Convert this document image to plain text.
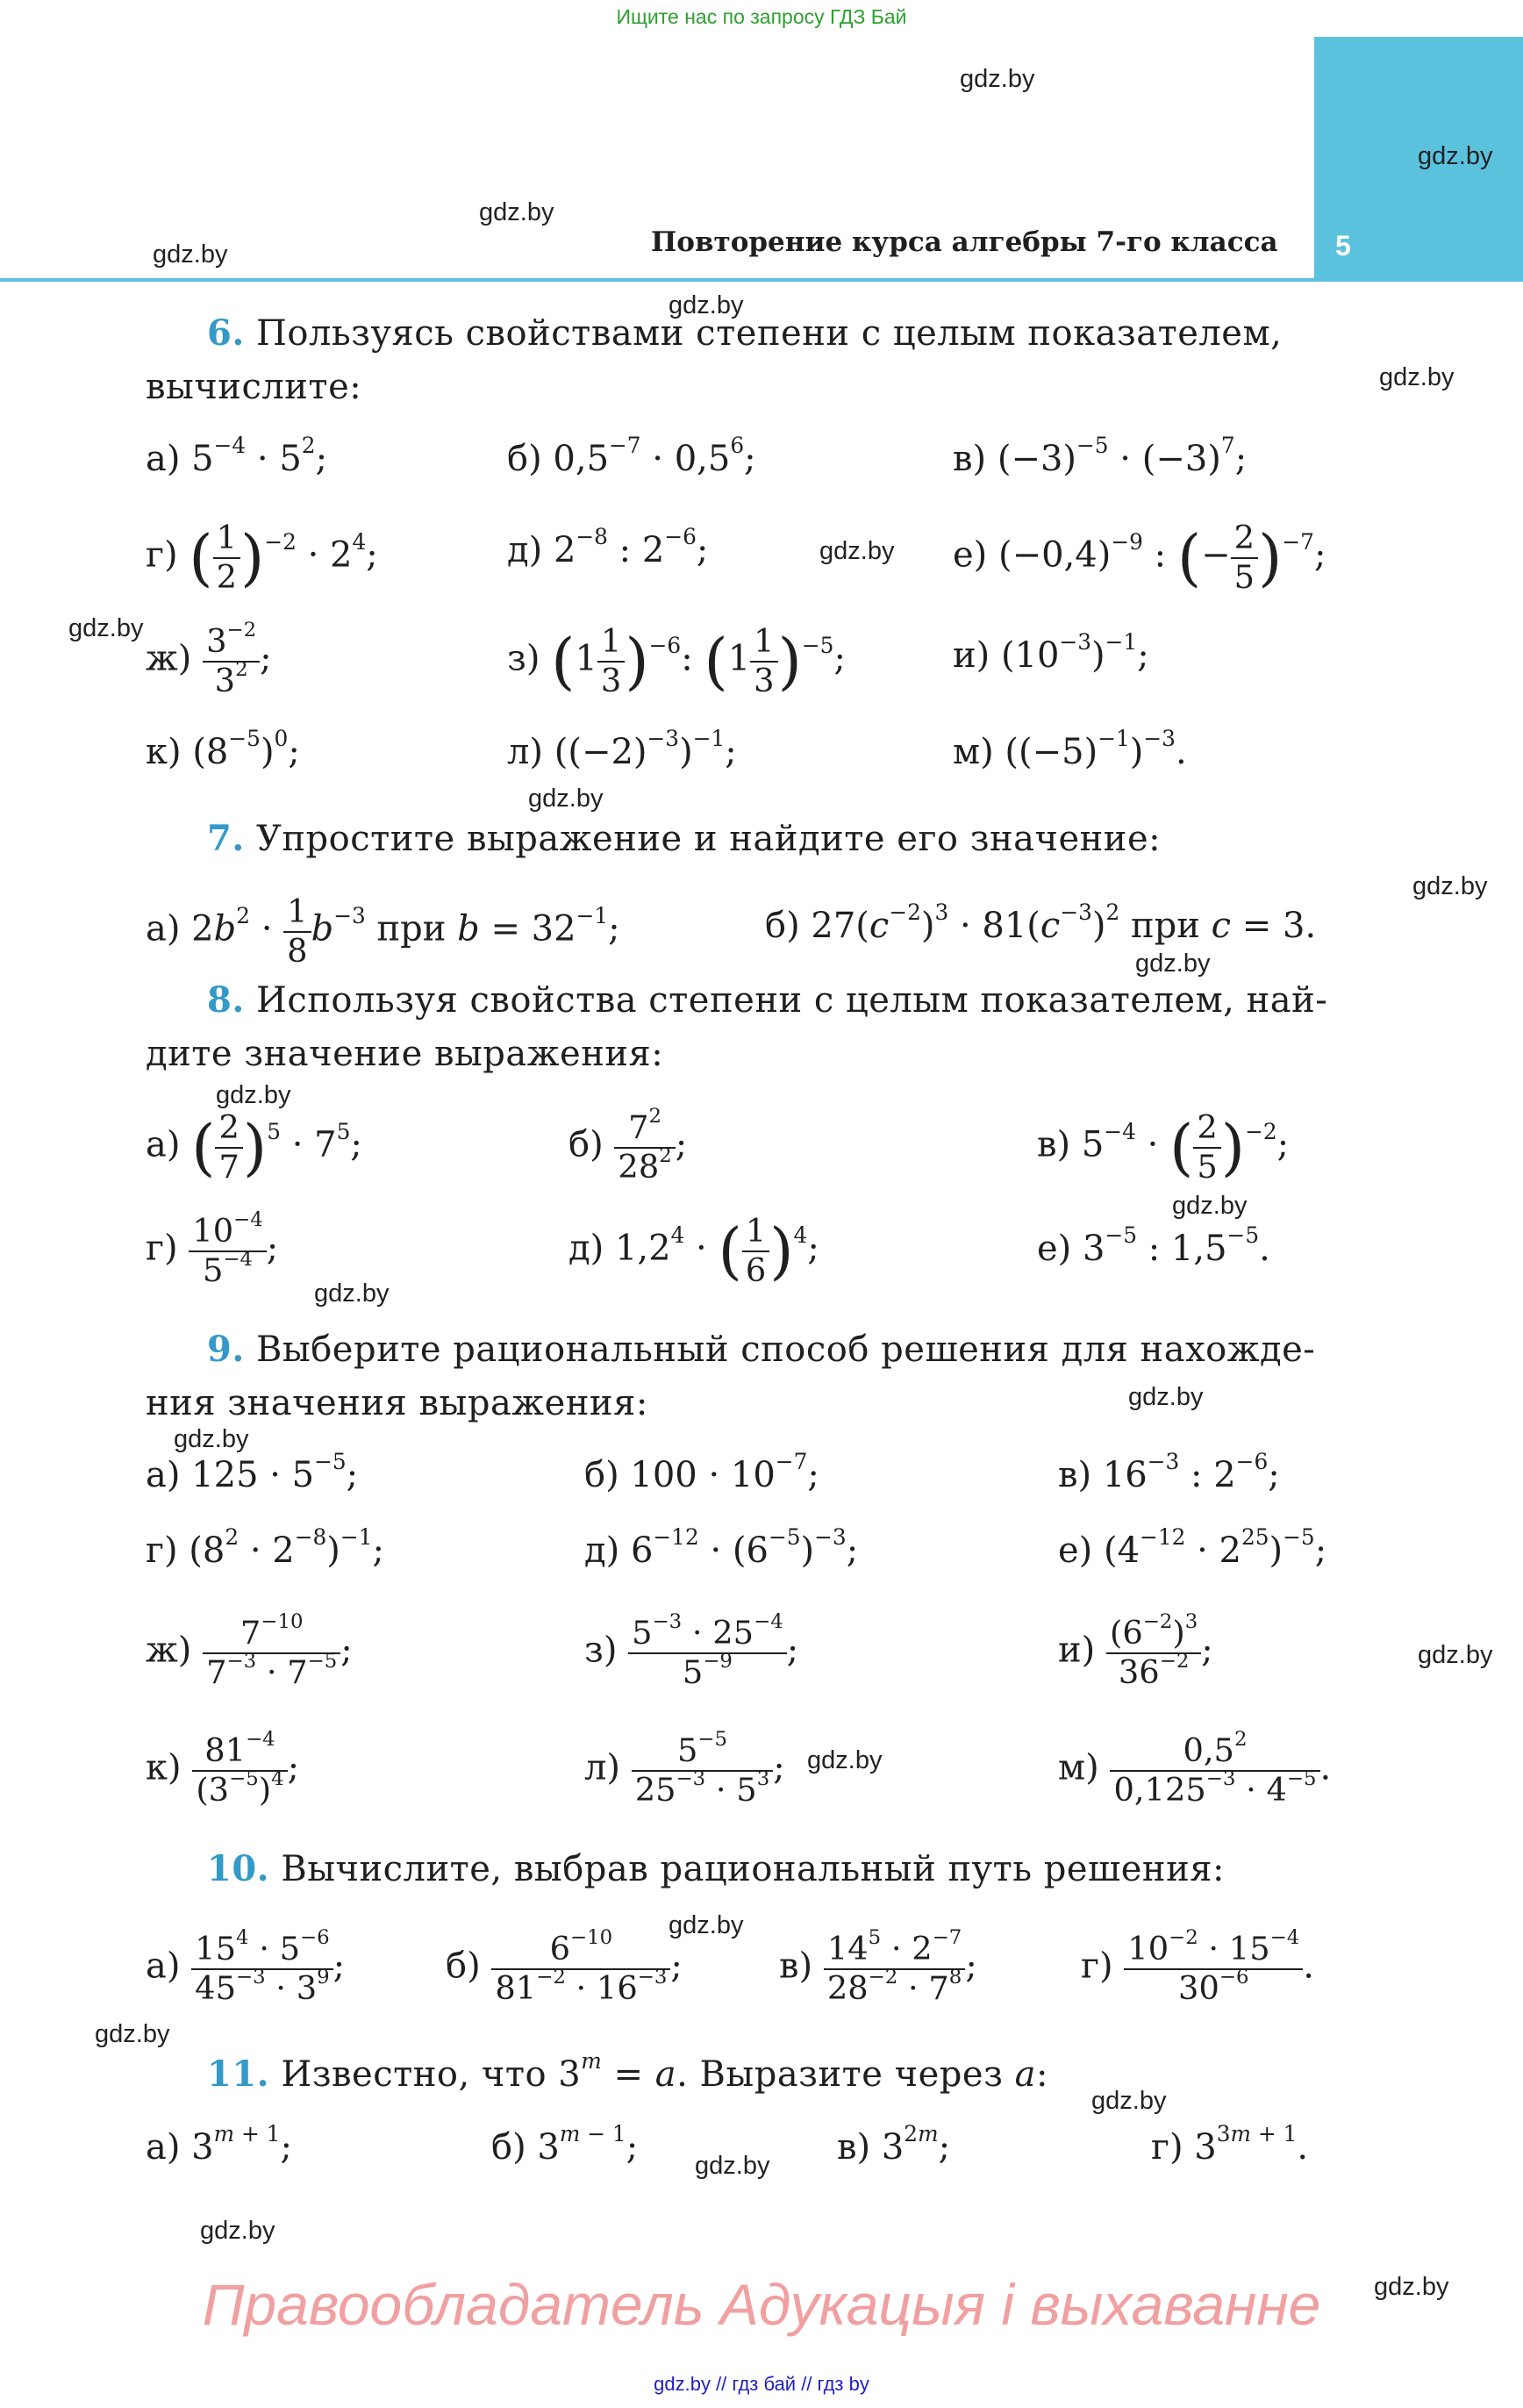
Ищите нас по запросу ГДЗ Бай
5
Повторение курса алгебры 7-го класса
gdz.by
gdz.by
gdz.by
gdz.by
gdz.by
gdz.by
gdz.by
gdz.by
gdz.by
gdz.by
gdz.by
gdz.by
gdz.by
gdz.by
gdz.by
gdz.by
gdz.by
gdz.by
gdz.by
gdz.by
gdz.by
gdz.by
gdz.by
gdz.by
6. Пользуясь свойствами степени с целым показателем,
вычислите:
а) $5^{-4} \cdot 5^2$;	б) $0,5^{-7} \cdot 0,5^6$;	в) $(-3)^{-5} \cdot (-3)^7$;
г) ( $\frac{1}{2} )^{-2} \cdot 2^4$;	д) $2^{-8}$ : $2^{-6}$;	е) $(-0,4)^{-9}$ : (− $\frac{2}{5} )^{-7}$;
$ж) \frac{3^{-2}}{3^2}$ ;	з) $(1 \frac{1}{3} )^{-6}$: $(1 \frac{1}{3} )^{-5}$;	и) $(10^{-3})^{-1}$;
к) $(8^{-5})^0$;	л) $((-2)^{-3})^{-1}$;	м) $((-5)^{-1})^{-3}$.
7. Упростите выражение и найдите его значение:
а) $2b^2 \cdot \frac{1}{8} b^{-3}$ при $b = 32^{-1}$;	б) $27(c^{-2})^3 \cdot 81(c^{-3})^2$ при c = 3.
8. Используя свойства степени с целым показателем, най-
дите значение выражения:
а) ( $\frac{2}{7} )^5 \cdot 7^5$;	$б) \frac{7^2}{28^2}$ ;	в) $5^{-4}$ · ( $\frac{2}{5} )^{-2}$;
$г) \frac{10^{-4}}{5^{-4}}$ ;	д) $1,2^4$ · ( $\frac{1}{6} )^4$;	е) $3^{-5}$ : $1,5^{-5}$.
9. Выберите рациональный способ решения для нахожде-
ния значения выражения:
а) $125 \cdot 5^{-5}$;	б) $100 \cdot 10^{-7}$;	в) $16^{-3}$ : $2^{-6}$;
г) $(8^2 \cdot 2^{-8})^{-1}$;	д) $6^{-12} \cdot (6^{-5})^{-3}$;	е) $(4^{-12} \cdot 2^{25})^{-5}$;
$ж) \frac{7^{-10}}{7^{-3} \cdot 7^{-5}}$ ;	$з) \frac{5^{-3} \cdot 25^{-4}}{5^{-9}}$ ;	$и) \frac{(6^{-2})^3}{36^{-2}}$ ;
$к) \frac{81^{-4}}{(3^{-5})^4}$ ;	$л) \frac{5^{-5}}{25^{-3} \cdot 5^3}$ ;	$м) \frac{0,5^2}{0,125^{-3} \cdot 4^{-5}}$ .
10. Вычислите, выбрав рациональный путь решения:
$а) \frac{15^4 \cdot 5^{-6}}{45^{-3} \cdot 3^9}$ ;	$б) \frac{6^{-10}}{81^{-2} \cdot 16^{-3}}$ ;	$в) \frac{14^5 \cdot 2^{-7}}{28^{-2} \cdot 7^8}$ ;	$г) \frac{10^{-2} \cdot 15^{-4}}{30^{-6}}$ .
11. Известно, что $3^m = a$. Выразите через a:
а) $3^{m + 1}$;	б) $3^{m - 1}$;	в) $3^{2m}$;	г) $3^{3m + 1}$.
Правообладатель Адукацыя і выхаванне
gdz.by // гдз бай // гдз by
